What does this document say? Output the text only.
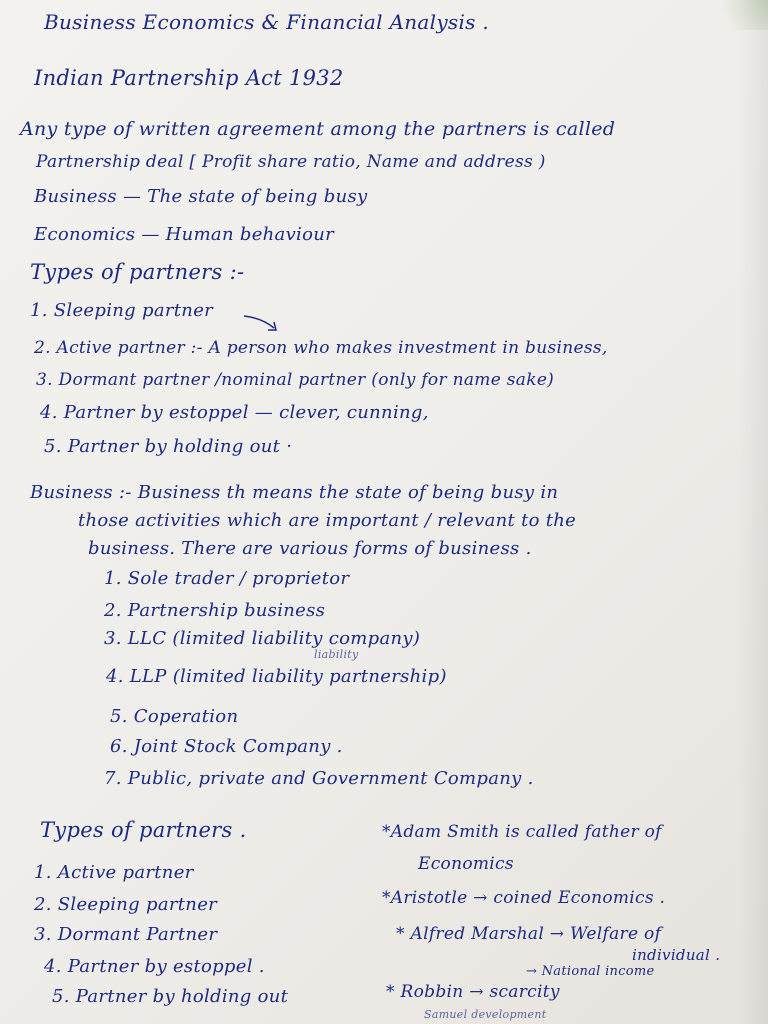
Business Economics & Financial Analysis .
Indian Partnership Act 1932
Any type of written agreement among the partners is called
Partnership deal [ Profit share ratio, Name and address )
Business — The state of being busy
Economics — Human behaviour
Types of partners :-
1. Sleeping partner
2. Active partner :- A person who makes investment in business,
3. Dormant partner /nominal partner (only for name sake)
4. Partner by estoppel — clever, cunning,
5. Partner by holding out ·
Business :- Business th means the state of being busy in
those activities which are important / relevant to the
business. There are various forms of business .
1. Sole trader / proprietor
2. Partnership business
3. LLC (limited liability company)
liability
4. LLP (limited liability partnership)
5. Coperation
6. Joint Stock Company .
7. Public, private and Government Company .
Types of partners .
1. Active partner
2. Sleeping partner
3. Dormant Partner
4. Partner by estoppel .
5. Partner by holding out
*Adam Smith is called father of
Economics
*Aristotle → coined Economics .
* Alfred Marshal → Welfare of
individual .
→ National income
* Robbin → scarcity
Samuel development
